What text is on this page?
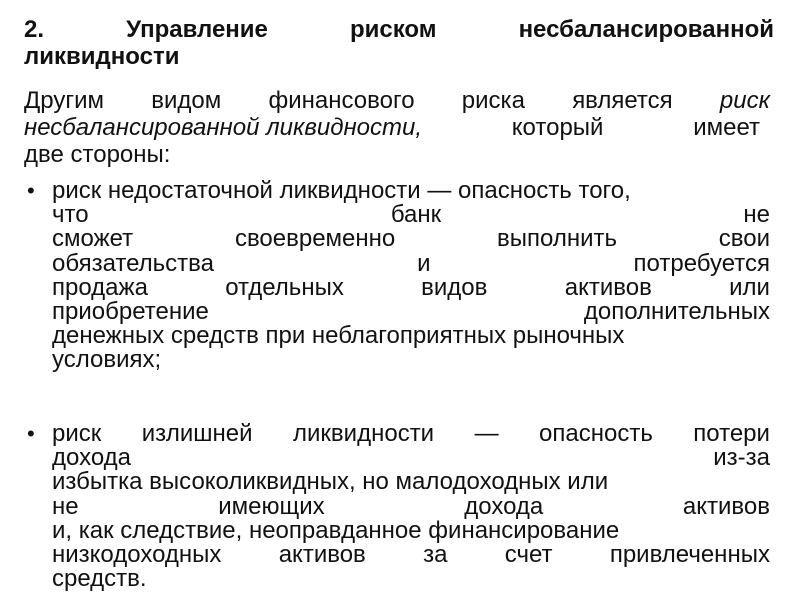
2.	Управление	риском	несбалансированной
ликвидности
Другим видом финансового риска является риск
несбалансированной ликвидности,	который	имеет
две стороны:
• риск недостаточной ликвидности — опасность того,
что	банк	не
сможет	своевременно	выполнить	свои
обязательства	и	потребуется
продажа	отдельных	видов	активов	или
приобретение	дополнительных
денежных средств при неблагоприятных рыночных
условиях;
• риск излишней ликвидности — опасность потери
дохода	из-за
избытка высоколиквидных, но малодоходных или
не	имеющих	дохода	активов
и, как следствие, неоправданное финансирование
низкодоходных активов за счет привлеченных
средств.
